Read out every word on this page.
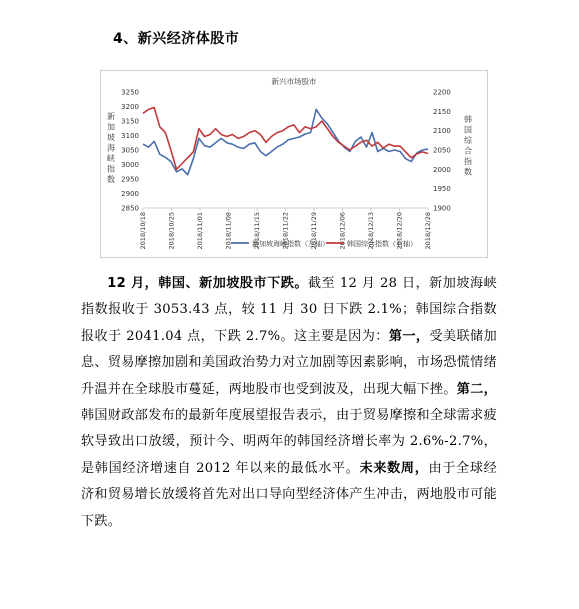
4、新兴经济体股市
新兴市场股市
新加坡海峡指数
韩国综合指数
2850
2900
2950
3000
3050
3100
3150
3200
3250
1900
1950
2000
2050
2100
2150
2200
2018/10/18	2018/10/25	2018/11/01	2018/11/08	2018/11/15	2018/11/22	2018/11/29	2018/12/06	2018/12/13	2018/12/20	2018/12/28
新加坡海峡指数（左轴）	韩国综合指数（右轴）
12 月，韩国、新加坡股市下跌。截至 12 月 28 日，新加坡海峡指数报收于 3053.43 点，较 11 月 30 日下跌 2.1%；韩国综合指数报收于 2041.04 点，下跌 2.7%。这主要是因为：第一，受美联储加息、贸易摩擦加剧和美国政治势力对立加剧等因素影响，市场恐慌情绪升温并在全球股市蔓延，两地股市也受到波及，出现大幅下挫。第二，韩国财政部发布的最新年度展望报告表示，由于贸易摩擦和全球需求疲软导致出口放缓，预计今、明两年的韩国经济增长率为 2.6%-2.7%，是韩国经济增速自 2012 年以来的最低水平。未来数周，由于全球经济和贸易增长放缓将首先对出口导向型经济体产生冲击，两地股市可能下跌。
